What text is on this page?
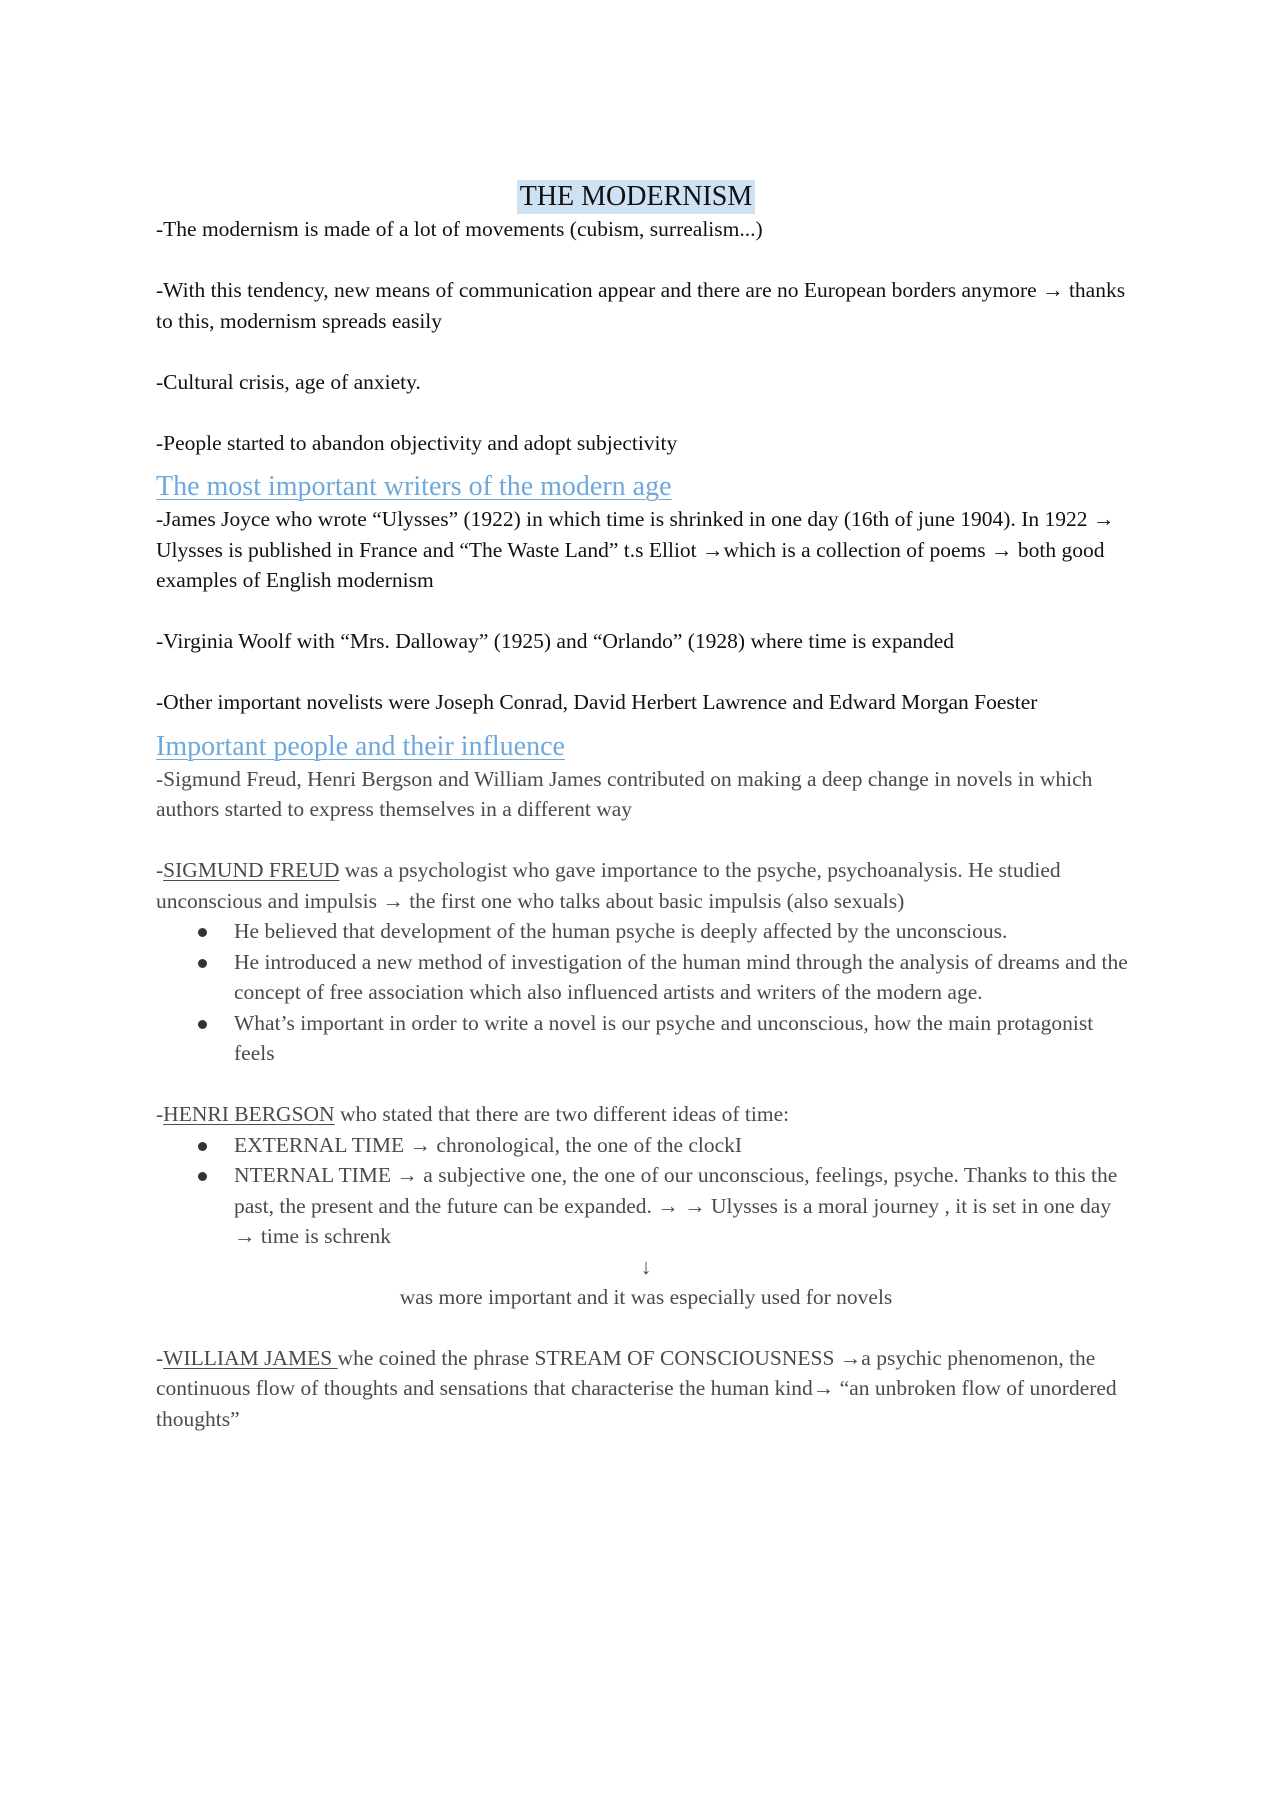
THE MODERNISM

-The modernism is made of a lot of movements (cubism, surrealism...)

-With this tendency, new means of communication appear and there are no European borders anymore → thanks to this, modernism spreads easily

-Cultural crisis, age of anxiety.

-People started to abandon objectivity and adopt subjectivity

The most important writers of the modern age

-James Joyce who wrote “Ulysses” (1922) in which time is shrinked in one day (16th of june 1904). In 1922 → Ulysses is published in France and “The Waste Land” t.s Elliot →which is a collection of poems → both good examples of English modernism

-Virginia Woolf with “Mrs. Dalloway” (1925) and “Orlando” (1928) where time is expanded

-Other important novelists were Joseph Conrad, David Herbert Lawrence and Edward Morgan Foester

Important people and their influence

-Sigmund Freud, Henri Bergson and William James contributed on making a deep change in novels in which authors started to express themselves in a different way

-SIGMUND FREUD was a psychologist who gave importance to the psyche, psychoanalysis. He studied unconscious and impulsis → the first one who talks about basic impulsis (also sexuals)

He believed that development of the human psyche is deeply affected by the unconscious.
He introduced a new method of investigation of the human mind through the analysis of dreams and the concept of free association which also influenced artists and writers of the modern age.
What’s important in order to write a novel is our psyche and unconscious, how the main protagonist feels

-HENRI BERGSON who stated that there are two different ideas of time:

EXTERNAL TIME → chronological, the one of the clockI
NTERNAL TIME → a subjective one, the one of our unconscious, feelings, psyche. Thanks to this the past, the present and the future can be expanded. → → Ulysses is a moral journey , it is set in one day → time is schrenk
↓

was more important and it was especially used for novels

-WILLIAM JAMES whe coined the phrase STREAM OF CONSCIOUSNESS →a psychic phenomenon, the continuous flow of thoughts and sensations that characterise the human kind→ “an unbroken flow of unordered thoughts”
